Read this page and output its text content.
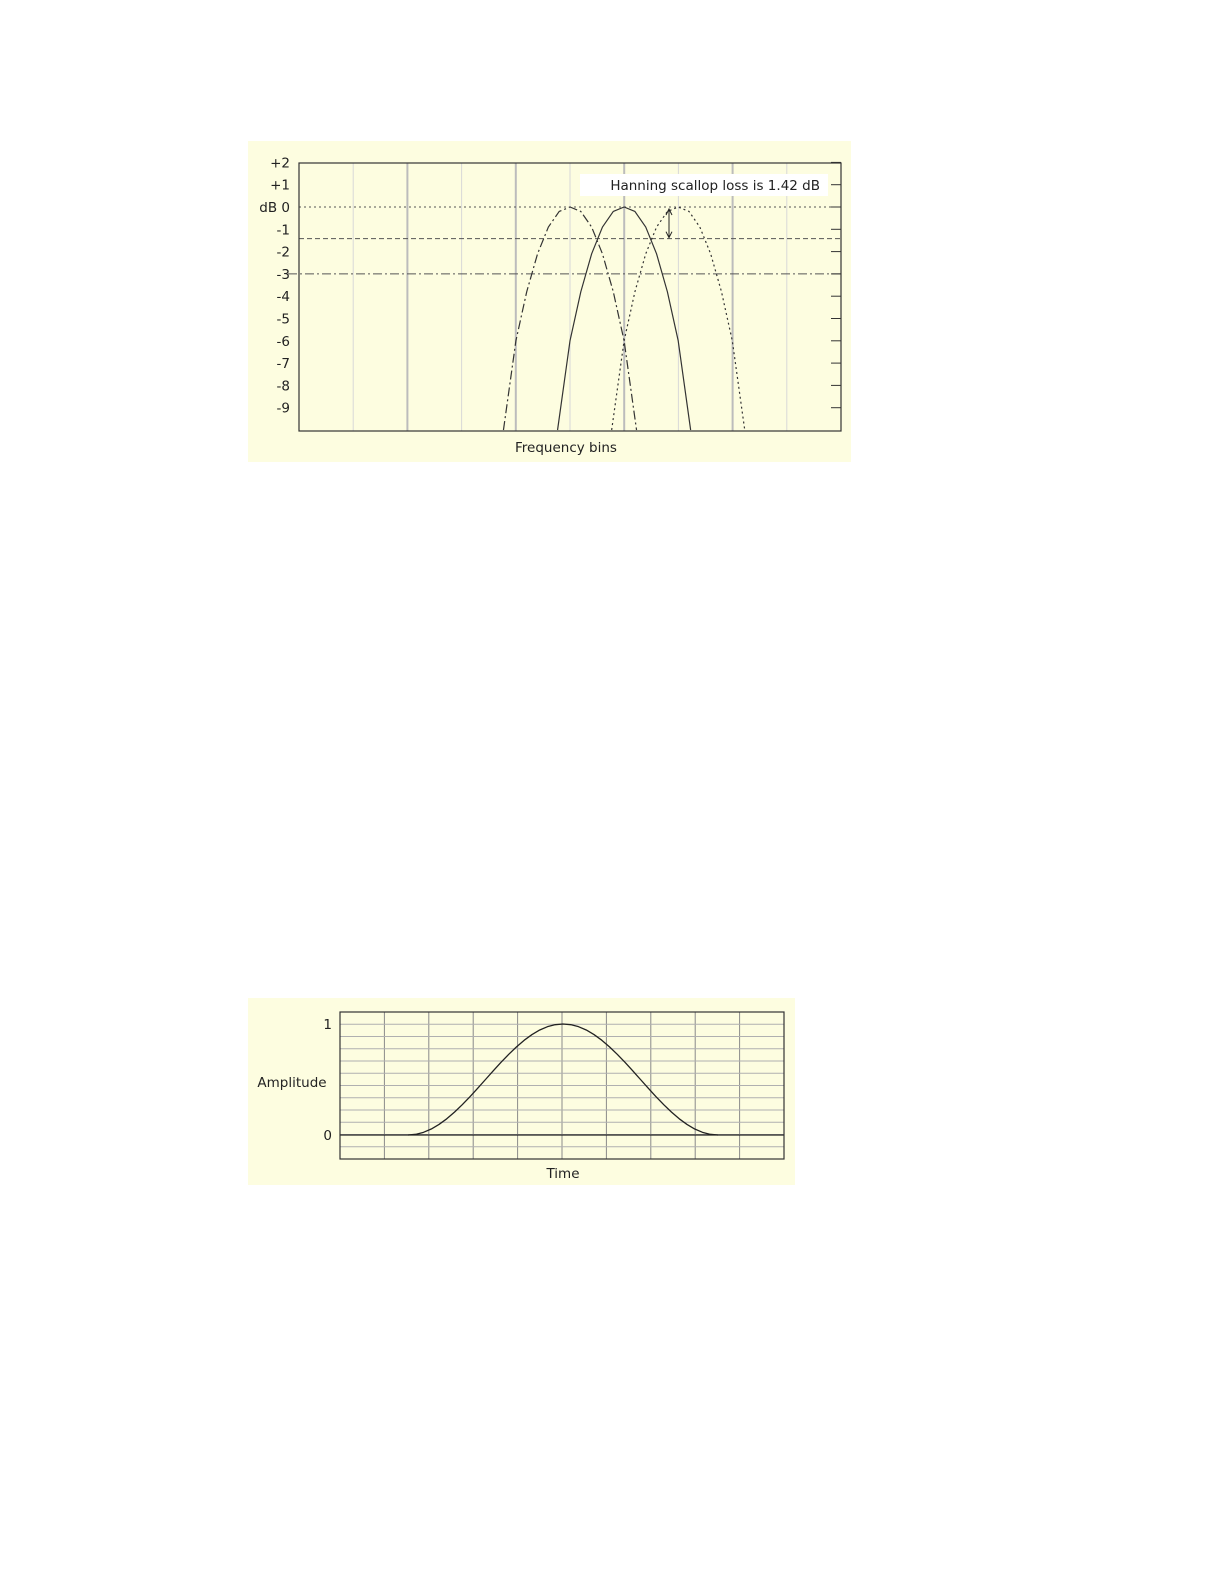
+2
+1
dB 0
-1
-2
-3
-4
-5
-6
-7
-8
-9
Hanning scallop loss is 1.42 dB
Frequency bins
1
0
Amplitude
Time
